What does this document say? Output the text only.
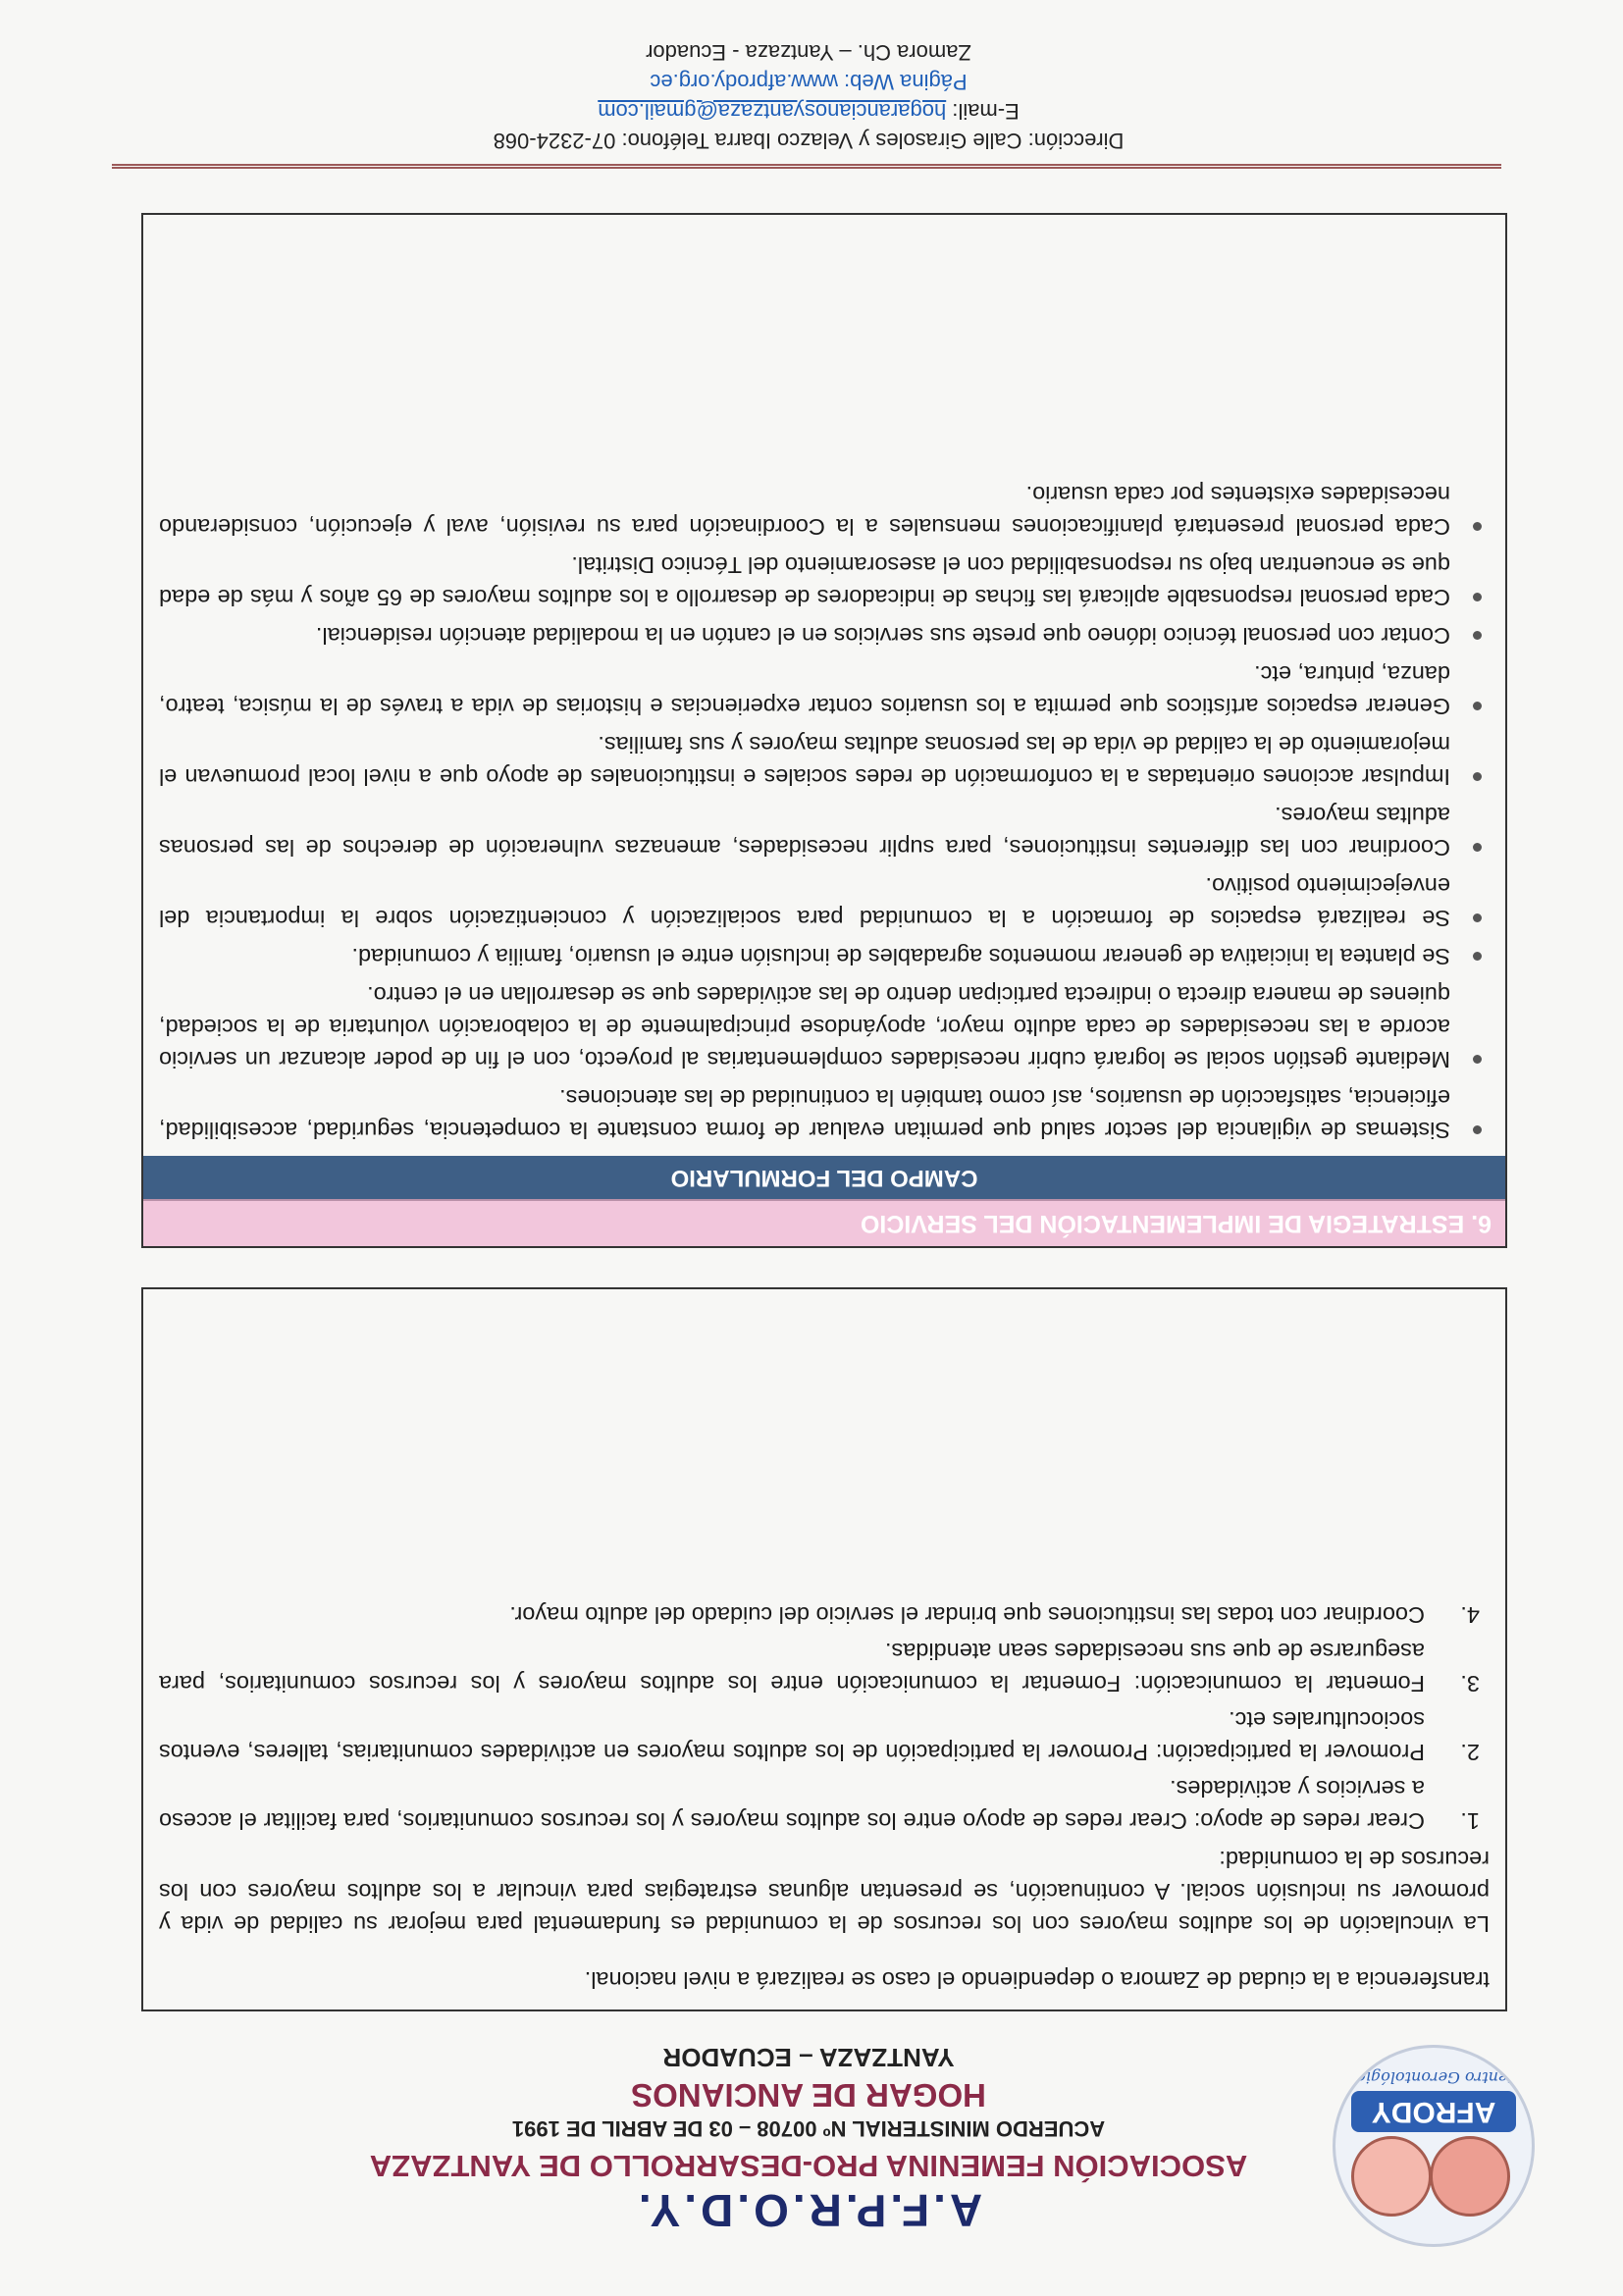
AFRODY
Centro Gerontológico
A.F.P.R.O.D.Y.
ASOCIACIÓN FEMENINA PRO-DESARROLLO DE YANTZAZA
ACUERDO MINISTERIAL Nº 00708 – 03 DE ABRIL DE 1991
HOGAR DE ANCIANOS
YANTZAZA – ECUADOR

transferencia a la ciudad de Zamora o dependiendo el caso se realizará a nivel nacional.

La vinculación de los adultos mayores con los recursos de la comunidad es fundamental para mejorar su calidad de vida y promover su inclusión social. A continuación, se presentan algunas estrategias para vincular a los adultos mayores con los recursos de la comunidad:

1.
Crear redes de apoyo: Crear redes de apoyo entre los adultos mayores y los recursos comunitarios, para facilitar el acceso a servicios y actividades.
2.
Promover la participación: Promover la participación de los adultos mayores en actividades comunitarias, talleres, eventos socioculturales etc.
3.
Fomentar la comunicación: Fomentar la comunicación entre los adultos mayores y los recursos comunitarios, para asegurarse de que sus necesidades sean atendidas.
4.
Coordinar con todas las instituciones que brindar el servicio del cuidado del adulto mayor.
6. ESTRATEGIA DE IMPLEMENTACIÓN DEL SERVICIO
CAMPO DEL FORMULARIO
Sistemas de vigilancia del sector salud que permitan evaluar de forma constante la competencia, seguridad, accesibilidad, eficiencia, satisfacción de usuarios, así como también la continuidad de las atenciones.
Mediante gestión social se logrará cubrir necesidades complementarias al proyecto, con el fin de poder alcanzar un servicio acorde a las necesidades de cada adulto mayor, apoyándose principalmente de la colaboración voluntaria de la sociedad, quienes de manera directa o indirecta participan dentro de las actividades que se desarrollan en el centro.
Se plantea la iniciativa de generar momentos agradables de inclusión entre el usuario, familia y comunidad.
Se realizará espacios de formación a la comunidad para socialización y concientización sobre la importancia del envejecimiento positivo.
Coordinar con las diferentes instituciones, para suplir necesidades, amenazas vulneración de derechos de las personas adultas mayores.
Impulsar acciones orientadas a la conformación de redes sociales e institucionales de apoyo que a nivel local promuevan el mejoramiento de la calidad de vida de las personas adultas mayores y sus familias.
Generar espacios artísticos que permita a los usuarios contar experiencias e historias de vida a través de la música, teatro, danza, pintura, etc.
Contar con personal técnico idóneo que preste sus servicios en el cantón en la modalidad atención residencial.
Cada personal responsable aplicará las fichas de indicadores de desarrollo a los adultos mayores de 65 años y más de edad que se encuentran bajo su responsabilidad con el asesoramiento del Técnico Distrital.
Cada personal presentará planificaciones mensuales a la Coordinación para su revisión, aval y ejecución, considerando necesidades existentes por cada usuario.
Dirección: Calle Girasoles y Velazco Ibarra Teléfono: 07-2324-068
E-mail: hogarancianosyantzaza@gmail.com
Página Web: www.afprody.org.ec
Zamora Ch. – Yantzaza - Ecuador
